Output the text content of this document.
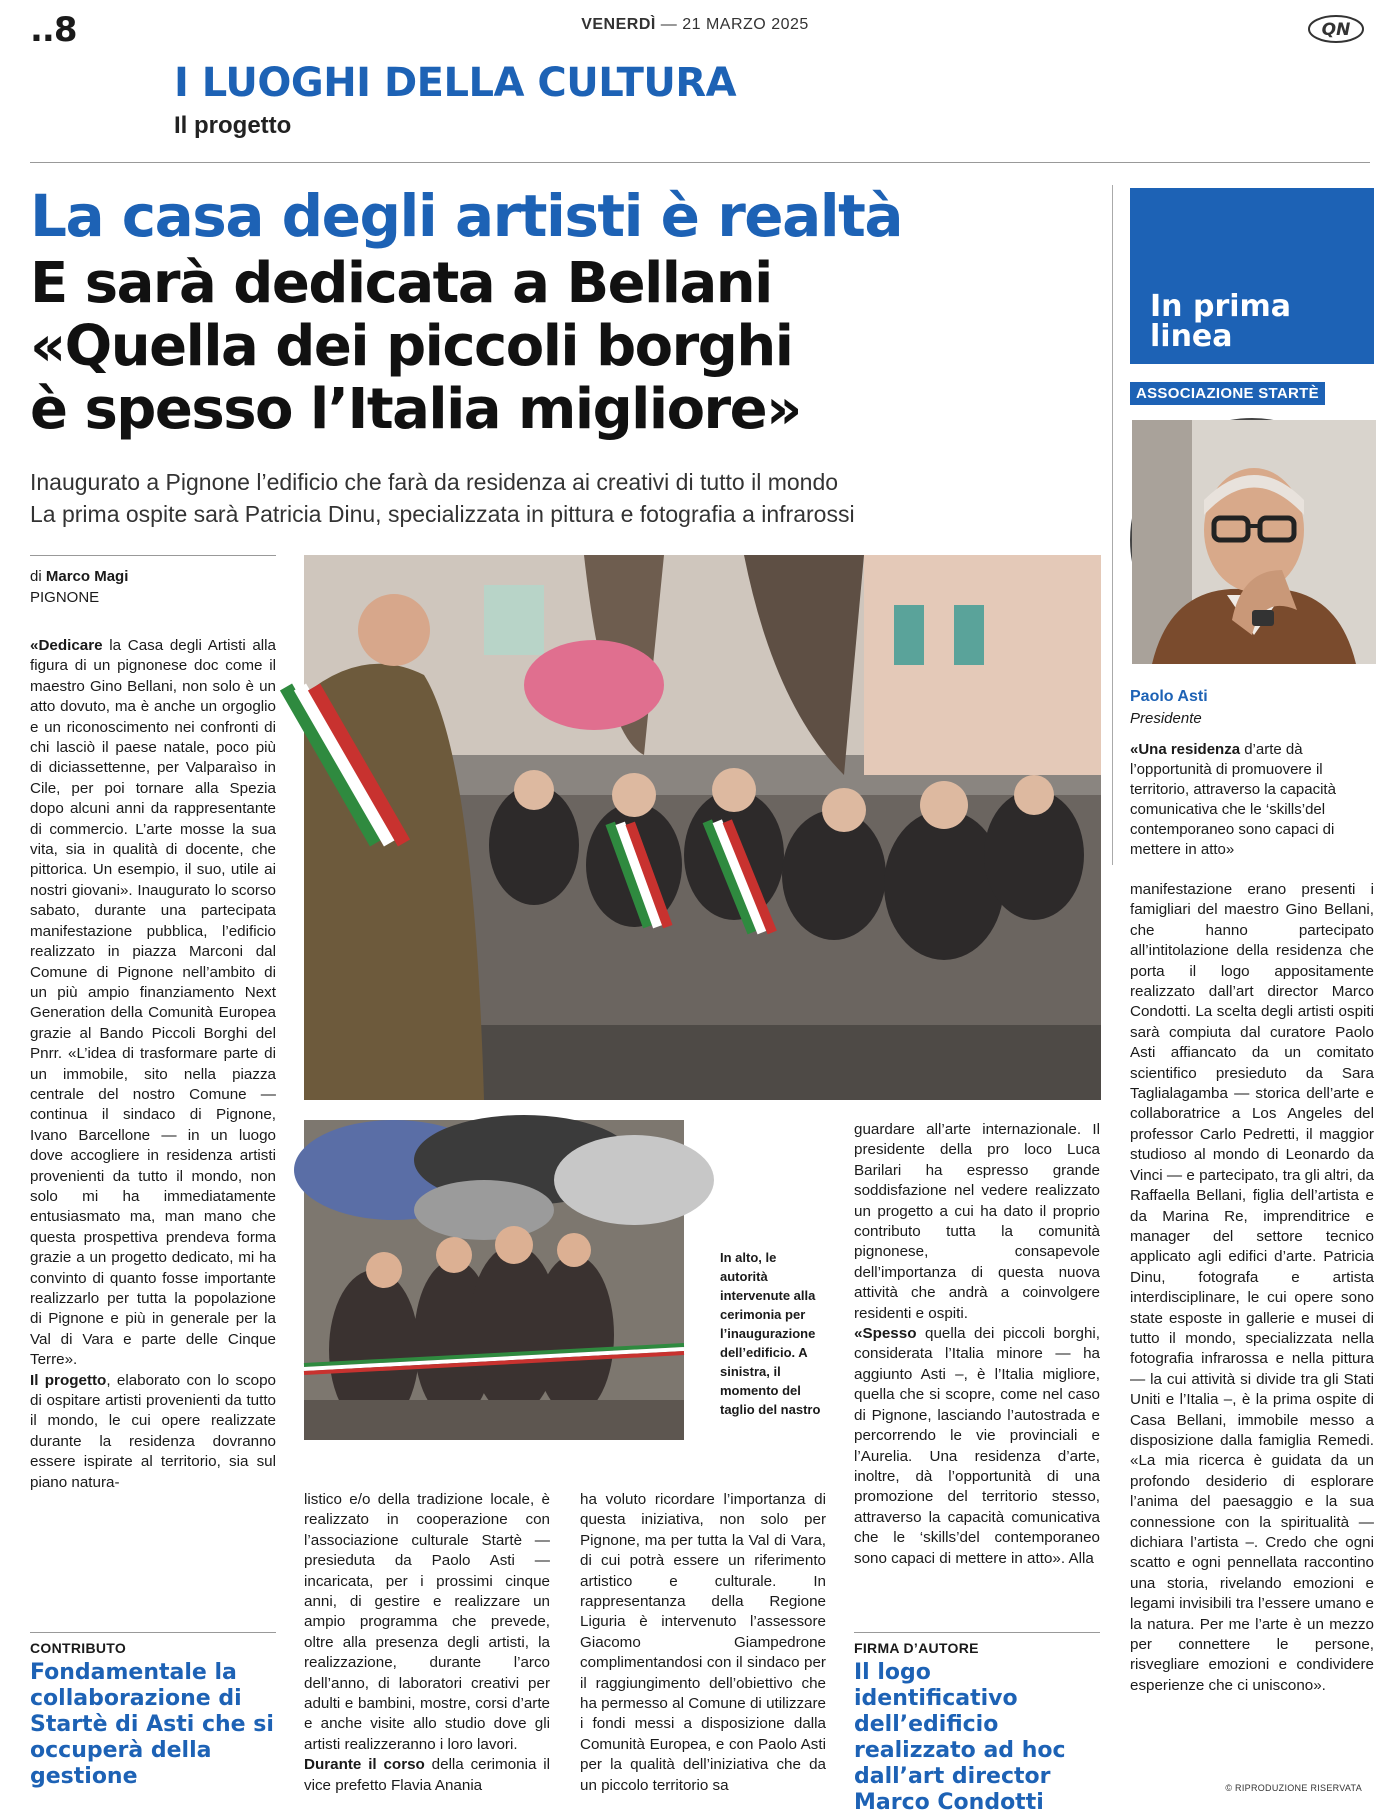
..8	VENERDÌ — 21 MARZO 2025	QN
I LUOGHI DELLA CULTURA
Il progetto
La casa degli artisti è realtà
E sarà dedicata a Bellani
«Quella dei piccoli borghi
è spesso l’Italia migliore»
Inaugurato a Pignone l’edificio che farà da residenza ai creativi di tutto il mondo
La prima ospite sarà Patricia Dinu, specializzata in pittura e fotografia a infrarossi
In prima
linea
ASSOCIAZIONE STARTÈ
Paolo Asti
Presidente
«Una residenza d’arte dà l’opportunità di promuovere il territorio, attraverso la capacità comunicativa che le ‘skills’del contemporaneo sono capaci di mettere in atto»
di Marco Magi
PIGNONE
«Dedicare la Casa degli Artisti alla figura di un pignonese doc come il maestro Gino Bellani, non solo è un atto dovuto, ma è anche un orgoglio e un riconoscimento nei confronti di chi lasciò il paese natale, poco più di diciassettenne, per Valparaìso in Cile, per poi tornare alla Spezia dopo alcuni anni da rappresentante di commercio. L’arte mosse la sua vita, sia in qualità di docente, che pittorica. Un esempio, il suo, utile ai nostri giovani». Inaugurato lo scorso sabato, durante una partecipata manifestazione pubblica, l’edificio realizzato in piazza Marconi dal Comune di Pignone nell’ambito di un più ampio finanziamento Next Generation della Comunità Europea grazie al Bando Piccoli Borghi del Pnrr. «L’idea di trasformare parte di un immobile, sito nella piazza centrale del nostro Comune — continua il sindaco di Pignone, Ivano Barcellone — in un luogo dove accogliere in residenza artisti provenienti da tutto il mondo, non solo mi ha immediatamente entusiasmato ma, man mano che questa prospettiva prendeva forma grazie a un progetto dedicato, mi ha convinto di quanto fosse importante realizzarlo per tutta la popolazione di Pignone e più in generale per la Val di Vara e parte delle Cinque Terre».
Il progetto, elaborato con lo scopo di ospitare artisti provenienti da tutto il mondo, le cui opere realizzate durante la residenza dovranno essere ispirate al territorio, sia sul piano natura-
CONTRIBUTO
Fondamentale la collaborazione di Startè di Asti che si occuperà della gestione
In alto, le autorità intervenute alla cerimonia per l’inaugurazione dell’edificio. A sinistra, il momento del taglio del nastro
listico e/o della tradizione locale, è realizzato in cooperazione con l’associazione culturale Startè — presieduta da Paolo Asti — incaricata, per i prossimi cinque anni, di gestire e realizzare un ampio programma che prevede, oltre alla presenza degli artisti, la realizzazione, durante l’arco dell’anno, di laboratori creativi per adulti e bambini, mostre, corsi d’arte e anche visite allo studio dove gli artisti realizzeranno i loro lavori.
Durante il corso della cerimonia il vice prefetto Flavia Anania
ha voluto ricordare l’importanza di questa iniziativa, non solo per Pignone, ma per tutta la Val di Vara, di cui potrà essere un riferimento artistico e culturale. In rappresentanza della Regione Liguria è intervenuto l’assessore Giacomo Giampedrone complimentandosi con il sindaco per il raggiungimento dell’obiettivo che ha permesso al Comune di utilizzare i fondi messi a disposizione dalla Comunità Europea, e con Paolo Asti per la qualità dell’iniziativa che da un piccolo territorio sa
guardare all’arte internazionale. Il presidente della pro loco Luca Barilari ha espresso grande soddisfazione nel vedere realizzato un progetto a cui ha dato il proprio contributo tutta la comunità pignonese, consapevole dell’importanza di questa nuova attività che andrà a coinvolgere residenti e ospiti.
«Spesso quella dei piccoli borghi, considerata l’Italia minore — ha aggiunto Asti –, è l’Italia migliore, quella che si scopre, come nel caso di Pignone, lasciando l’autostrada e percorrendo le vie provinciali e l’Aurelia. Una residenza d’arte, inoltre, dà l’opportunità di una promozione del territorio stesso, attraverso la capacità comunicativa che le ‘skills’del contemporaneo sono capaci di mettere in atto». Alla
FIRMA D’AUTORE
Il logo identificativo dell’edificio realizzato ad hoc dall’art director Marco Condotti
manifestazione erano presenti i famigliari del maestro Gino Bellani, che hanno partecipato all’intitolazione della residenza che porta il logo appositamente realizzato dall’art director Marco Condotti. La scelta degli artisti ospiti sarà compiuta dal curatore Paolo Asti affiancato da un comitato scientifico presieduto da Sara Taglialagamba — storica dell’arte e collaboratrice a Los Angeles del professor Carlo Pedretti, il maggior studioso al mondo di Leonardo da Vinci — e partecipato, tra gli altri, da Raffaella Bellani, figlia dell’artista e da Marina Re, imprenditrice e manager del settore tecnico applicato agli edifici d’arte. Patricia Dinu, fotografa e artista interdisciplinare, le cui opere sono state esposte in gallerie e musei di tutto il mondo, specializzata nella fotografia infrarossa e nella pittura — la cui attività si divide tra gli Stati Uniti e l’Italia –, è la prima ospite di Casa Bellani, immobile messo a disposizione dalla famiglia Remedi. «La mia ricerca è guidata da un profondo desiderio di esplorare l’anima del paesaggio e la sua connessione con la spiritualità — dichiara l’artista –. Credo che ogni scatto e ogni pennellata raccontino una storia, rivelando emozioni e legami invisibili tra l’essere umano e la natura. Per me l’arte è un mezzo per connettere le persone, risvegliare emozioni e condividere esperienze che ci uniscono».
© RIPRODUZIONE RISERVATA
